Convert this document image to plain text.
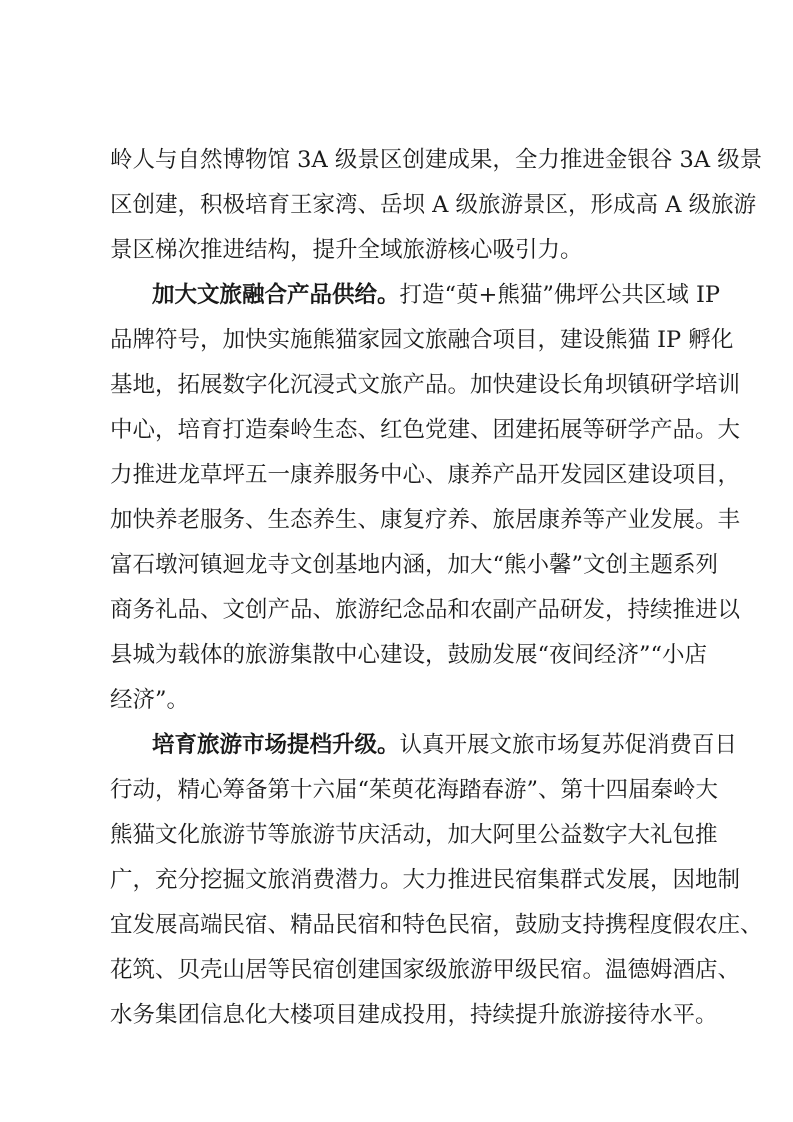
岭人与自然博物馆 3A 级景区创建成果，全力推进金银谷 3A 级景
区创建，积极培育王家湾、岳坝 A 级旅游景区，形成高 A 级旅游
景区梯次推进结构，提升全域旅游核心吸引力。
加大文旅融合产品供给。打造“萸+熊猫”佛坪公共区域 IP
品牌符号，加快实施熊猫家园文旅融合项目，建设熊猫 IP 孵化
基地，拓展数字化沉浸式文旅产品。加快建设长角坝镇研学培训
中心，培育打造秦岭生态、红色党建、团建拓展等研学产品。大
力推进龙草坪五一康养服务中心、康养产品开发园区建设项目，
加快养老服务、生态养生、康复疗养、旅居康养等产业发展。丰
富石墩河镇迴龙寺文创基地内涵，加大“熊小馨”文创主题系列
商务礼品、文创产品、旅游纪念品和农副产品研发，持续推进以
县城为载体的旅游集散中心建设，鼓励发展“夜间经济”“小店
经济”。
培育旅游市场提档升级。认真开展文旅市场复苏促消费百日
行动，精心筹备第十六届“茱萸花海踏春游”、第十四届秦岭大
熊猫文化旅游节等旅游节庆活动，加大阿里公益数字大礼包推
广，充分挖掘文旅消费潜力。大力推进民宿集群式发展，因地制
宜发展高端民宿、精品民宿和特色民宿，鼓励支持携程度假农庄、
花筑、贝壳山居等民宿创建国家级旅游甲级民宿。温德姆酒店、
水务集团信息化大楼项目建成投用，持续提升旅游接待水平。
